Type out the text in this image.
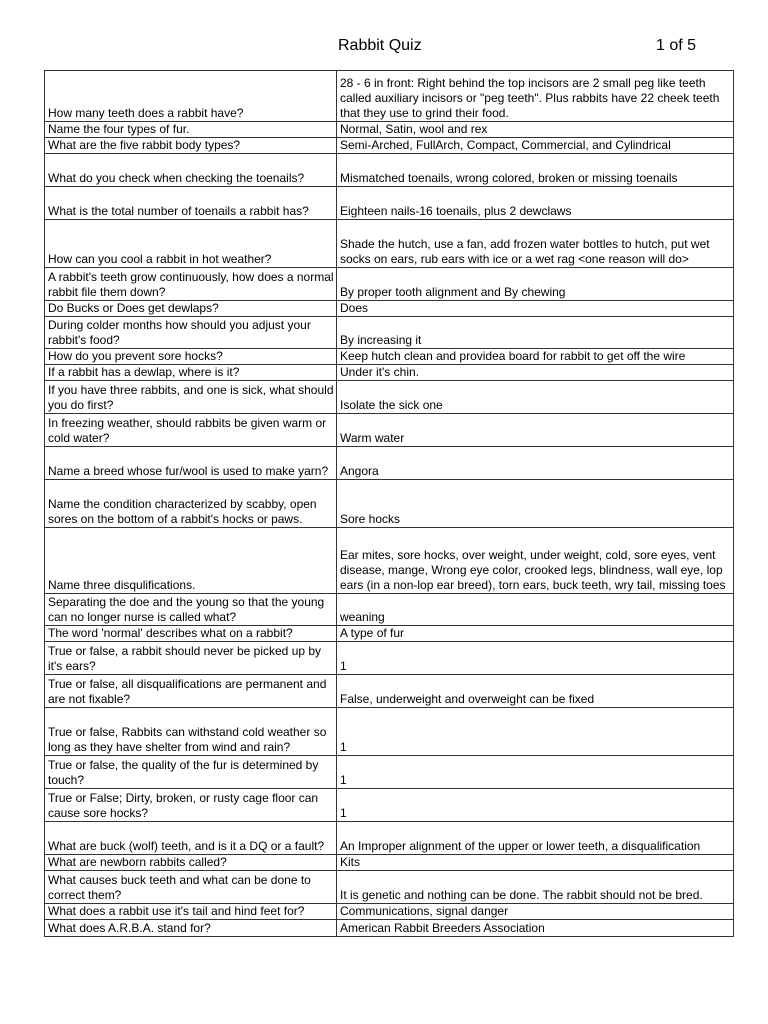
Rabbit Quiz	1 of 5
How many teeth does a rabbit have?	28 - 6 in front: Right behind the top incisors are 2 small peg like teeth called auxiliary incisors or "peg teeth". Plus rabbits have 22 cheek teeth that they use to grind their food.
Name the four types of fur.	Normal, Satin, wool and rex
What are the five rabbit body types?	Semi-Arched, FullArch, Compact, Commercial, and Cylindrical
What do you check when checking the toenails?	Mismatched toenails, wrong colored, broken or missing toenails
What is the total number of toenails a rabbit has?	Eighteen nails-16 toenails, plus 2 dewclaws
How can you cool a rabbit in hot weather?	Shade the hutch, use a fan, add frozen water bottles to hutch, put wet socks on ears, rub ears with ice or a wet rag <one reason will do>
A rabbit's teeth grow continuously, how does a normal rabbit file them down?	By proper tooth alignment and By chewing
Do Bucks or Does get dewlaps?	Does
During colder months how should you adjust your rabbit's food?	By increasing it
How do you prevent sore hocks?	Keep hutch clean and providea board for rabbit to get off the wire
If a rabbit has a dewlap, where is it?	Under it's chin.
If you have three rabbits, and one is sick, what should you do first?	Isolate the sick one
In freezing weather, should rabbits be given warm or cold water?	Warm water
Name a breed whose fur/wool is used to make yarn?	Angora
Name the condition characterized by scabby, open sores on the bottom of a rabbit's hocks or paws.	Sore hocks
Name three disqulifications.	Ear mites, sore hocks, over weight, under weight, cold, sore eyes, vent disease, mange, Wrong eye color, crooked legs, blindness, wall eye, lop ears (in a non-lop ear breed), torn ears, buck teeth, wry tail, missing toes
Separating the doe and the young so that the young can no longer nurse is called what?	weaning
The word 'normal' describes what on a rabbit?	A type of fur
True or false, a rabbit should never be picked up by it's ears?	1
True or false, all disqualifications are permanent and are not fixable?	False, underweight and overweight can be fixed
True or false, Rabbits can withstand cold weather so long as they have shelter from wind and rain?	1
True or false, the quality of the fur is determined by touch?	1
True or False; Dirty, broken, or rusty cage floor can cause sore hocks?	1
What are buck (wolf) teeth, and is it a DQ or a fault?	An Improper alignment of the upper or lower teeth, a disqualification
What are newborn rabbits called?	Kits
What causes buck teeth and what can be done to correct them?	It is genetic and nothing can be done. The rabbit should not be bred.
What does a rabbit use it's tail and hind feet for?	Communications, signal danger
What does A.R.B.A. stand for?	American Rabbit Breeders Association
